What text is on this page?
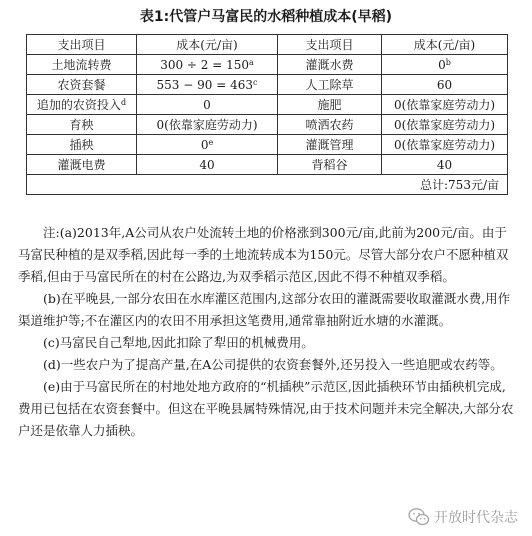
表1:代管户马富民的水稻种植成本(早稻)
支出项目	成本(元/亩)	支出项目	成本(元/亩)
土地流转费	$300 \div 2 = 150^a$	灌溉水费	0$^b$
农资套餐	$553 - 90 = 463^c$	人工除草	60
追加的农资投入$^d$	0	施肥	0(依靠家庭劳动力)
育秧	0(依靠家庭劳动力)	喷洒农药	0(依靠家庭劳动力)
插秧	0e	灌溉管理	0(依靠家庭劳动力)
灌溉电费	40	背稻谷	40
总计:753元/亩			

注:(a)2013年,A公司从农户处流转土地的价格涨到300元/亩,此前为200元/亩。由于马富民种植的是双季稻,因此每一季的土地流转成本为150元。尽管大部分农户不愿种植双季稻,但由于马富民所在的村在公路边,为双季稻示范区,因此不得不种植双季稻。

(b)在平晚县,一部分农田在水库灌区范围内,这部分农田的灌溉需要收取灌溉水费,用作渠道维护等;不在灌区内的农田不用承担这笔费用,通常靠抽附近水塘的水灌溉。

(c)马富民自己犁地,因此扣除了犁田的机械费用。

(d)一些农户为了提高产量,在A公司提供的农资套餐外,还另投入一些追肥或农药等。

(e)由于马富民所在的村地处地方政府的“机插秧”示范区,因此插秧环节由插秧机完成,费用已包括在农资套餐中。但这在平晚县属特殊情况,由于技术问题并未完全解决,大部分农户还是依靠人力插秧。

开放时代杂志
